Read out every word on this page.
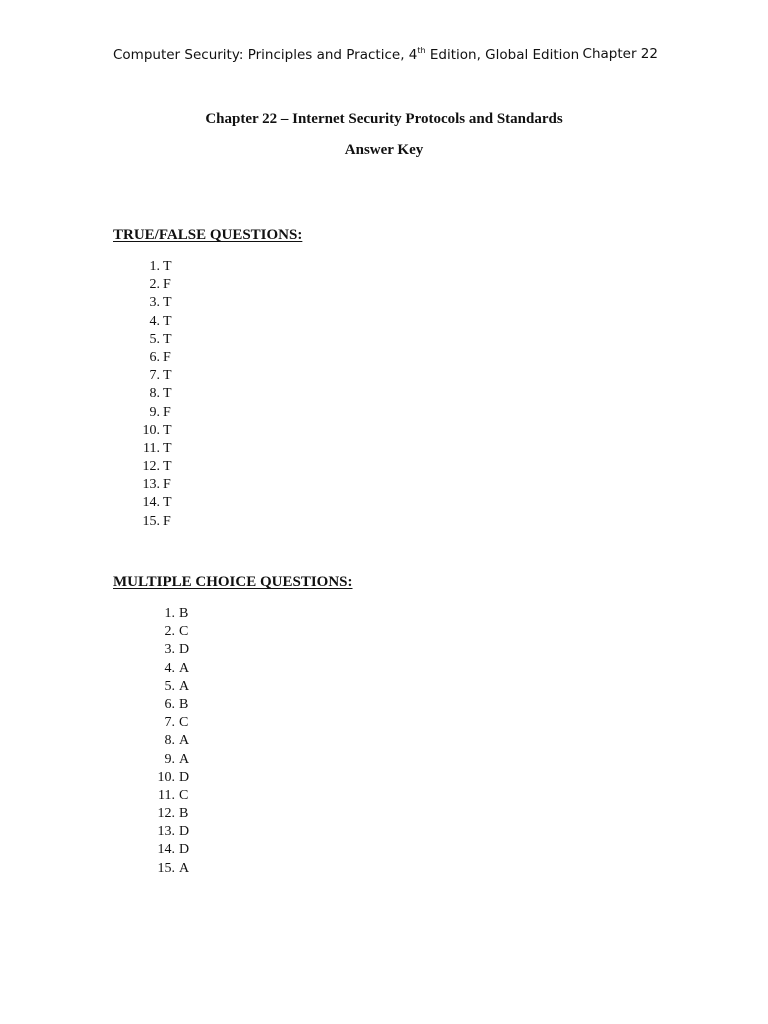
Computer Security: Principles and Practice, 4th Edition, Global Edition Chapter 22
Chapter 22 – Internet Security Protocols and Standards
Answer Key
TRUE/FALSE QUESTIONS:
1. T
2. F
3. T
4. T
5. T
6. F
7. T
8. T
9. F
10. T
11. T
12. T
13. F
14. T
15. F
MULTIPLE CHOICE QUESTIONS:
1. B
2. C
3. D
4. A
5. A
6. B
7. C
8. A
9. A
10. D
11. C
12. B
13. D
14. D
15. A
